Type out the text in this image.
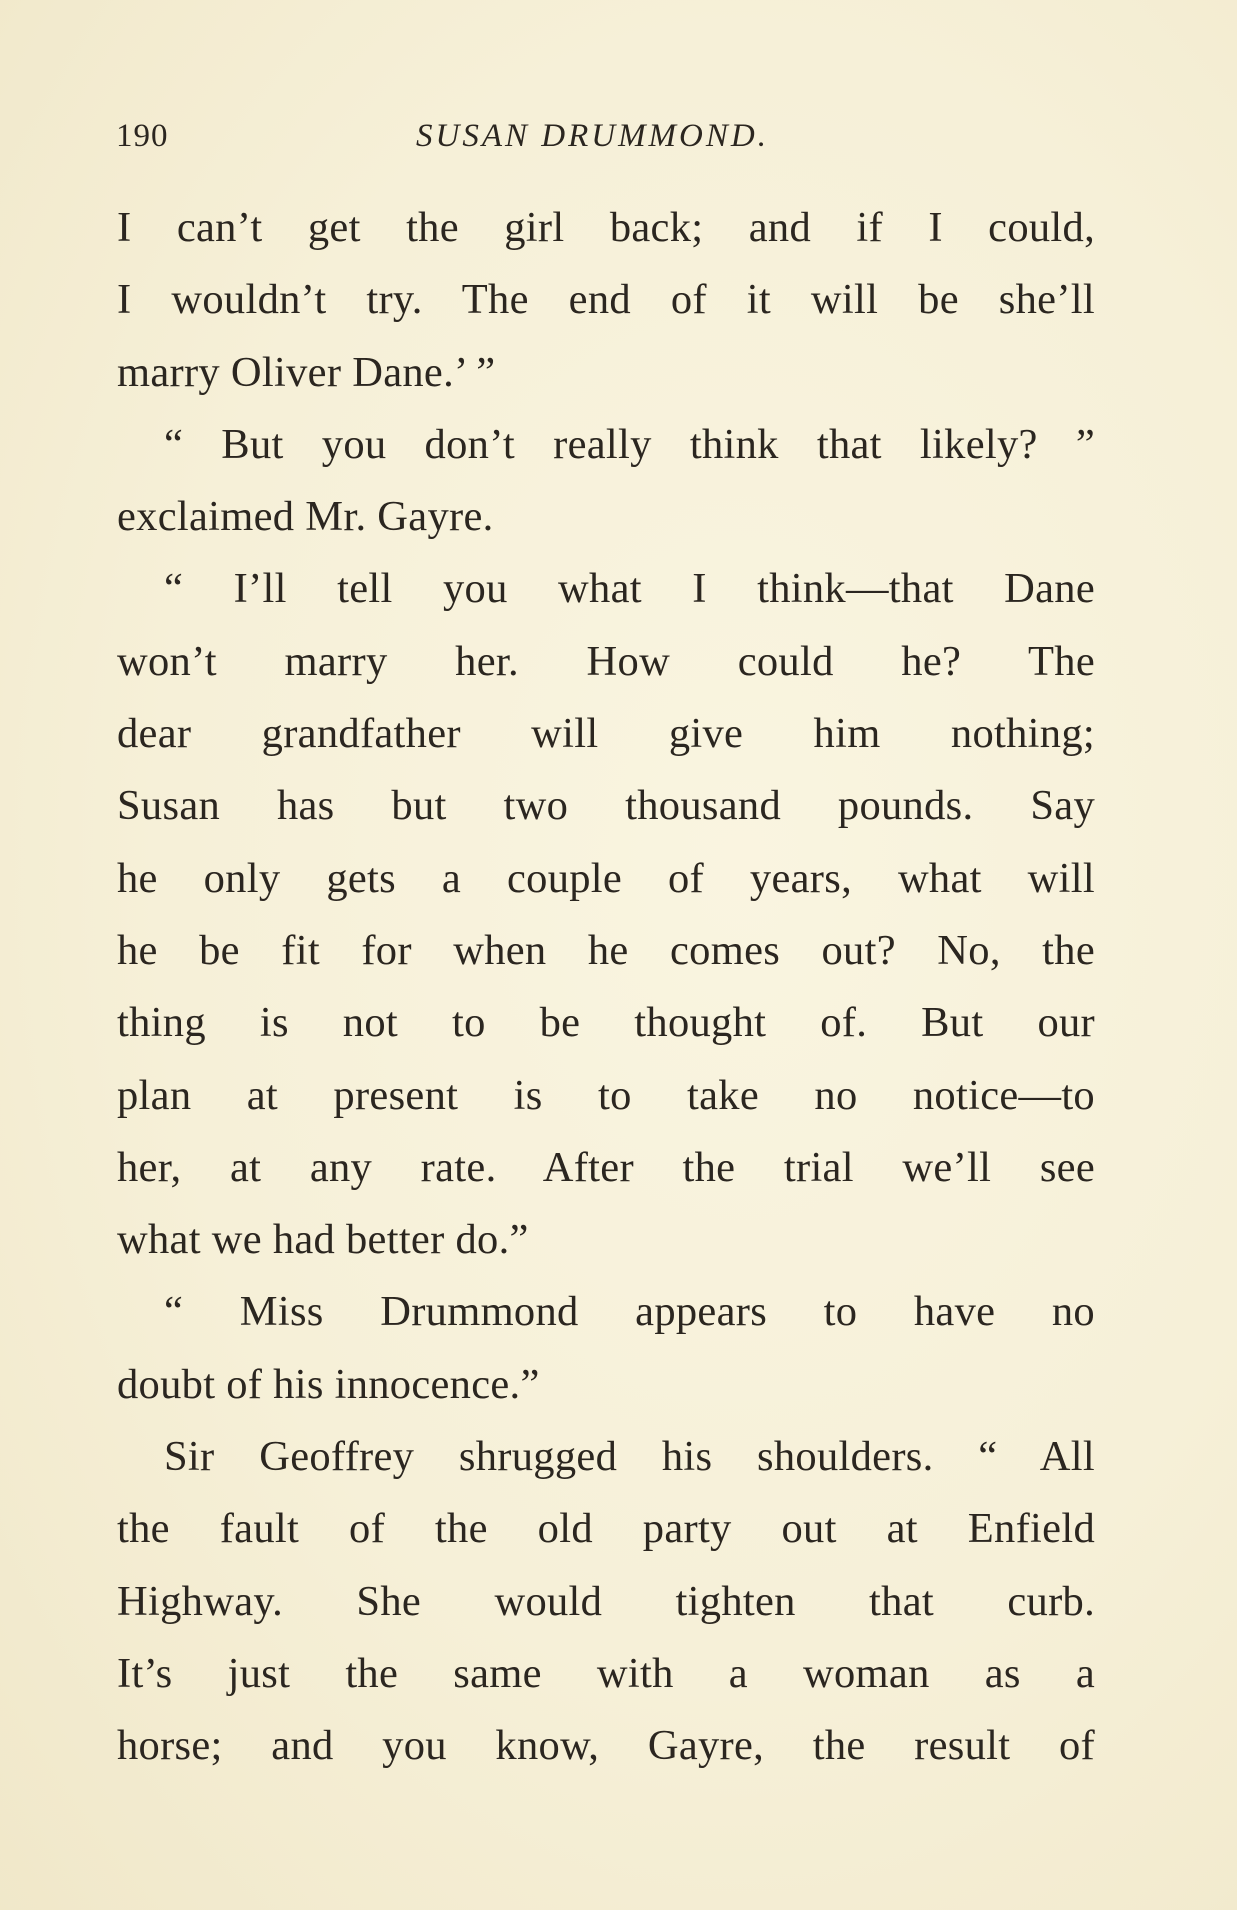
190	SUSAN DRUMMOND.
I can’t get the girl back; and if I could,
I wouldn’t try. The end of it will be she’ll
marry Oliver Dane.’ ”
“ But you don’t really think that likely? ”
exclaimed Mr. Gayre.
“ I’ll tell you what I think—that Dane
won’t marry her. How could he? The
dear grandfather will give him nothing;
Susan has but two thousand pounds. Say
he only gets a couple of years, what will
he be fit for when he comes out? No, the
thing is not to be thought of. But our
plan at present is to take no notice—to
her, at any rate. After the trial we’ll see
what we had better do.”
“ Miss Drummond appears to have no
doubt of his innocence.”
Sir Geoffrey shrugged his shoulders. “ All
the fault of the old party out at Enfield
Highway. She would tighten that curb.
It’s just the same with a woman as a
horse; and you know, Gayre, the result of
